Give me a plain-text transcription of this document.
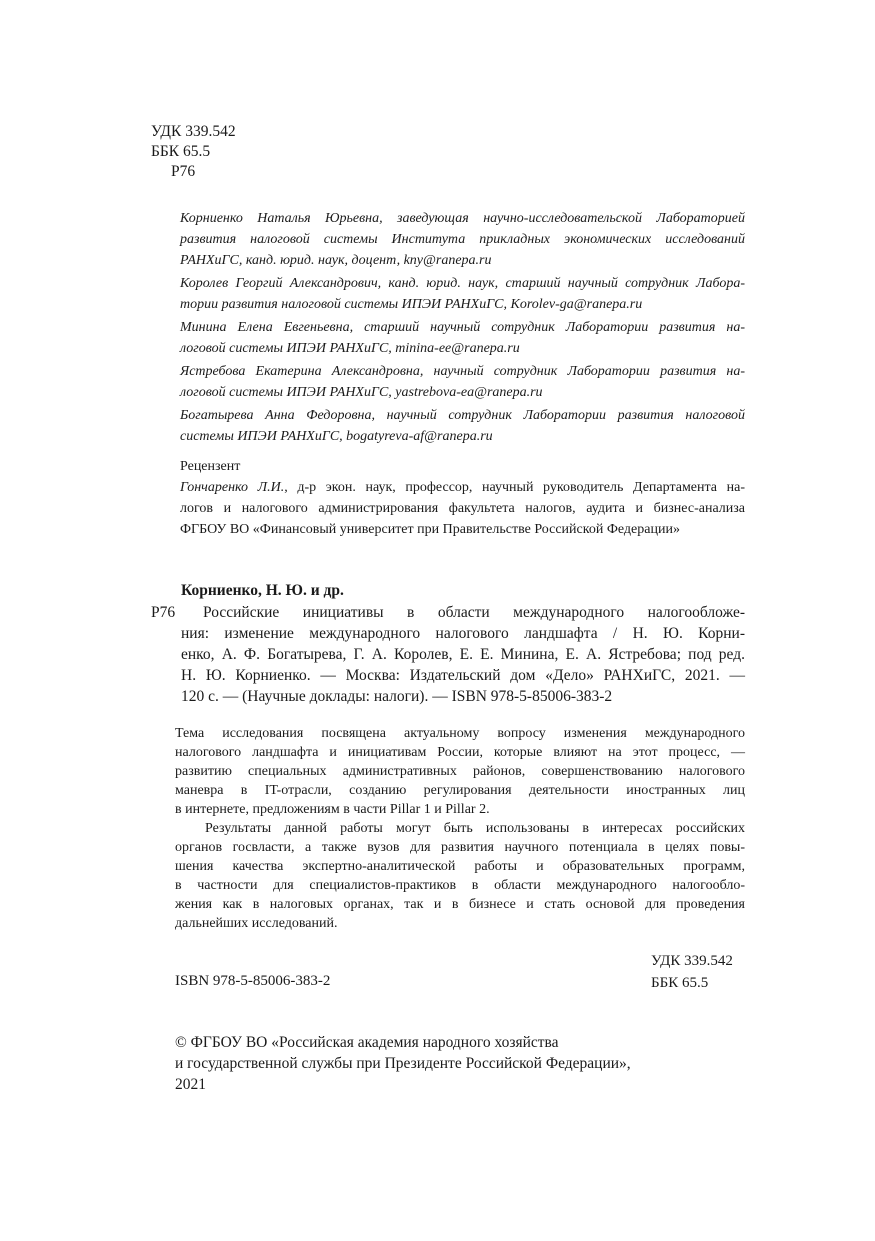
УДК 339.542
ББК 65.5
Р76
Корниенко Наталья Юрьевна, заведующая научно-исследовательской Лабораторией
развития налоговой системы Института прикладных экономических исследований
РАНХиГС, канд. юрид. наук, доцент, kny@ranepa.ru
Королев Георгий Александрович, канд. юрид. наук, старший научный сотрудник Лабора-
тории развития налоговой системы ИПЭИ РАНХиГС, Korolev-ga@ranepa.ru
Минина Елена Евгеньевна, старший научный сотрудник Лаборатории развития на-
логовой системы ИПЭИ РАНХиГС, minina-ee@ranepa.ru
Ястребова Екатерина Александровна, научный сотрудник Лаборатории развития на-
логовой системы ИПЭИ РАНХиГС, yastrebova-ea@ranepa.ru
Богатырева Анна Федоровна, научный сотрудник Лаборатории развития налоговой
системы ИПЭИ РАНХиГС, bogatyreva-af@ranepa.ru
Рецензент
Гончаренко Л.И., д-р экон. наук, профессор, научный руководитель Департамента на-
логов и налогового администрирования факультета налогов, аудита и бизнес-анализа
ФГБОУ ВО «Финансовый университет при Правительстве Российской Федерации»
Корниенко, Н. Ю. и др.
Р76	Российские инициативы в области международного налогообложе-
ния: изменение международного налогового ландшафта / Н. Ю. Корни-
енко, А. Ф. Богатырева, Г. А. Королев, Е. Е. Минина, Е. А. Ястребова; под ред.
Н. Ю. Корниенко. — Москва: Издательский дом «Дело» РАНХиГС, 2021. —
120 с. — (Научные доклады: налоги). — ISBN 978-5-85006-383-2
Тема исследования посвящена актуальному вопросу изменения международного
налогового ландшафта и инициативам России, которые влияют на этот процесс, —
развитию специальных административных районов, совершенствованию налогового
маневра в IT-отрасли, созданию регулирования деятельности иностранных лиц
в интернете, предложениям в части Pillar 1 и Pillar 2.
Результаты данной работы могут быть использованы в интересах российских
органов госвласти, а также вузов для развития научного потенциала в целях повы-
шения качества экспертно-аналитической работы и образовательных программ,
в частности для специалистов-практиков в области международного налогообло-
жения как в налоговых органах, так и в бизнесе и стать основой для проведения
дальнейших исследований.
УДК 339.542
ББК 65.5
ISBN 978-5-85006-383-2
© ФГБОУ ВО «Российская академия народного хозяйства
и государственной службы при Президенте Российской Федерации»,
2021
